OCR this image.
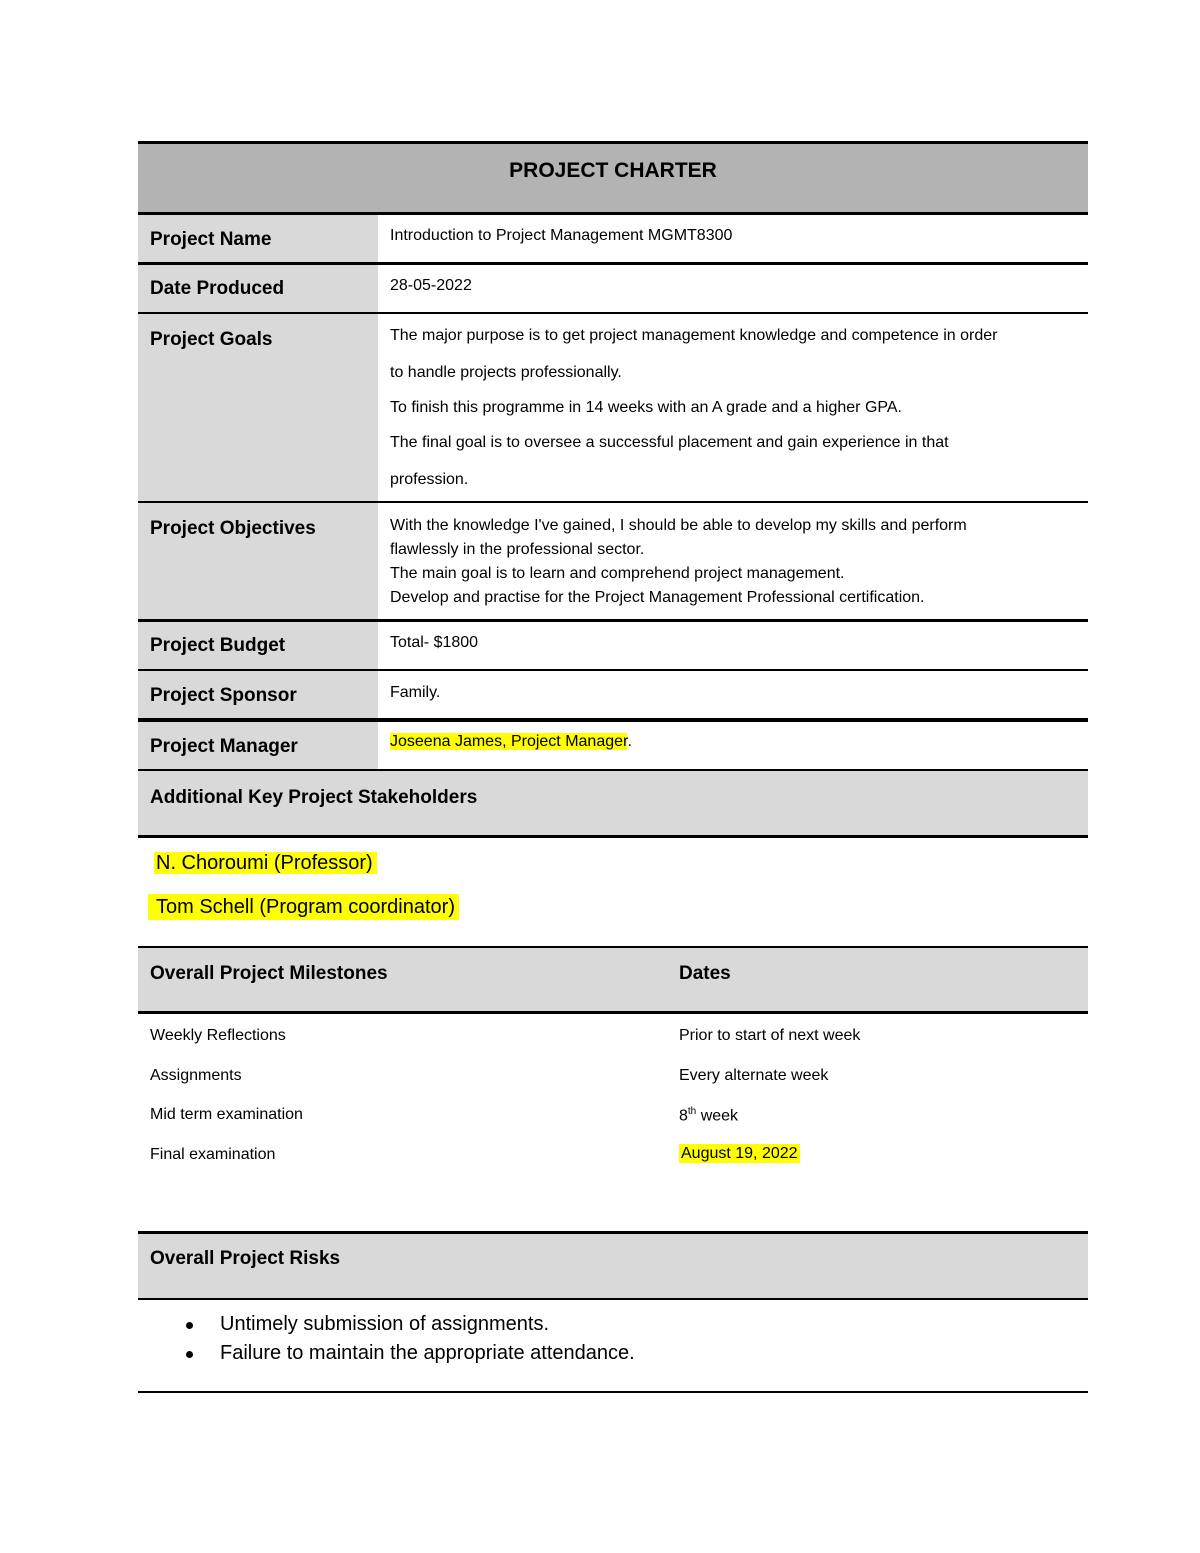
PROJECT CHARTER
Project Name	Introduction to Project Management MGMT8300
Date Produced	28-05-2022
Project Goals	The major purpose is to get project management knowledge and competence in order
to handle projects professionally.
To finish this programme in 14 weeks with an A grade and a higher GPA.
The final goal is to oversee a successful placement and gain experience in that
profession.
Project Objectives	With the knowledge I've gained, I should be able to develop my skills and perform
flawlessly in the professional sector.
The main goal is to learn and comprehend project management.
Develop and practise for the Project Management Professional certification.
Project Budget	Total- $1800
Project Sponsor	Family.
Project Manager	Joseena James, Project Manager.
Additional Key Project Stakeholders
N. Choroumi (Professor)
Tom Schell (Program coordinator)
Overall Project Milestones	Dates
Weekly Reflections	Prior to start of next week
Assignments	Every alternate week
Mid term examination	8th week
Final examination	August 19, 2022
Overall Project Risks
Untimely submission of assignments.
Failure to maintain the appropriate attendance.
